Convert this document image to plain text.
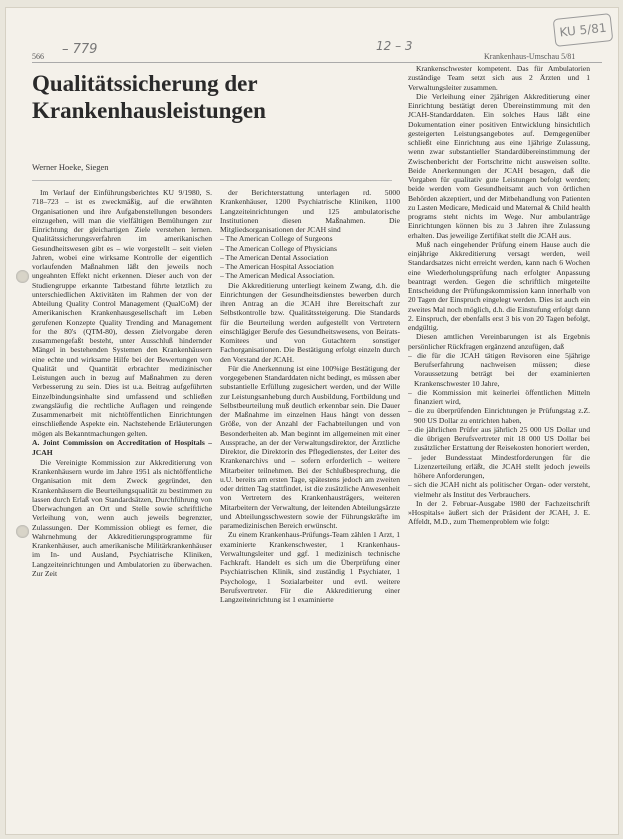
KU 5/81
– 779	12 – 3
566	Krankenhaus-Umschau 5/81
Qualitätssicherung der Krankenhausleistungen
Werner Hoeke, Siegen

Im Verlauf der Einführungsberichtes KU 9/1980, S. 718–723 – ist es zweckmäßig, auf die erwähnten Organisationen und ihre Aufgabenstellungen besonders einzugehen, will man die vielfältigen Bemühungen zur Einrichtung der gleichartigen Ziele verstehen lernen. Qualitätssicherungsverfahren im amerikanischen Gesundheitswesen gibt es – wie vorgestellt – seit vielen Jahren, wobei eine wirksame Kontrolle der eigentlich vorlaufenden Maßnahmen läßt den jeweils noch ungeahnten Effekt nicht erkennen. Dieser auch von der Studiengruppe erkannte Tatbestand führte letztlich zu unterschiedlichen Aktivitäten im Rahmen der von der Abteilung Quality Control Management (QualCoM) der Amerikanischen Krankenhausgesellschaft im Leben gerufenen Konzepte Quality Trending and Management for the 80's (QTM-80), dessen Zielvorgabe deren zusammengefaßt besteht, unter Ausschluß hindernder Mängel in bestehenden Systemen den Krankenhäusern eine echte und wirksame Hilfe bei der Bewertungen von Qualität und Quantität erbrachter medizinischer Leistungen auch in bezug auf Maßnahmen zu deren Verbesserung zu sein. Dies ist u.a. Beitrag aufgeführten Einzelbindungsinhalte sind umfassend und schließen zwangsläufig die rechtliche Auflagen und reingende Zusammenarbeit mit nichtöffentlichen Einrichtungen einschließende Aspekte ein. Nachstehende Erläuterungen mögen als Bekanntmachungen gelten.

A. Joint Commission on Accreditation of Hospitals – JCAH

Die Vereinigte Kommission zur Akkreditierung von Krankenhäusern wurde im Jahre 1951 als nichtöffentliche Organisation mit dem Zweck gegründet, den Krankenhäusern die Beurteilungsqualität zu bestimmen zu lassen durch Erlaß von Standardsätzen, Durchführung von Überwachungen an Ort und Stelle sowie schriftliche Verleihung von, wenn auch jeweils begrenzter, Zulassungen. Der Kommission obliegt es ferner, die Wahrnehmung der Akkreditierungsprogramme für Krankenhäuser, auch amerikanische Militärkrankenhäuser im In- und Ausland, Psychiatrische Kliniken, Langzeiteinrichtungen und Ambulatorien zu überwachen. Zur Zeit

der Berichterstattung unterlagen rd. 5000 Krankenhäuser, 1200 Psychiatrische Kliniken, 1100 Langzeiteinrichtungen und 125 ambulatorische Institutionen diesen Maßnahmen. Die Mitgliedsorganisationen der JCAH sind

– The American College of Surgeons

– The American College of Physicians

– The American Dental Association

– The American Hospital Association

– The American Medical Association.

Die Akkreditierung unterliegt keinem Zwang, d.h. die Einrichtungen der Gesundheitsdienstes bewerben durch ihren Antrag an die JCAH ihre Bereitschaft zur Selbstkontrolle bzw. Qualitätssteigerung. Die Standards für die Beurteilung werden aufgestellt von Vertretern einschlägiger Berufe des Gesundheitswesens, von Beirats-Komitees und von Gutachtern sonstiger Fachorganisationen. Die Bestätigung erfolgt einzeln durch den Vorstand der JCAH.

Für die Anerkennung ist eine 100%ige Bestätigung der vorgegebenen Standarddaten nicht bedingt, es müssen aber substantielle Erfüllung zugesichert werden, und der Wille zur Leistungsanhebung durch Ausbildung, Fortbildung und Selbstbeurteilung muß deutlich erkennbar sein. Die Dauer der Maßnahme im einzelnen Haus hängt von dessen Größe, von der Anzahl der Fachabteilungen und von Besonderheiten ab. Man beginnt im allgemeinen mit einer Aussprache, an der der Verwaltungsdirektor, der Ärztliche Direktor, die Direktorin des Pflegedienstes, der Leiter des Krankenarchivs und – sofern erforderlich – weitere Mitarbeiter teilnehmen. Bei der Schlußbesprechung, die u.U. bereits am ersten Tage, spätestens jedoch am zweiten oder dritten Tag stattfindet, ist die zusätzliche Anwesenheit von Vertretern des Krankenhausträgers, weiteren Mitarbeitern der Verwaltung, der leitenden Abteilungsärzte und Abteilungsschwestern sowie der Führungskräfte im paramedizinischen Bereich erwünscht.

Zu einem Krankenhaus-Prüfungs-Team zählen 1 Arzt, 1 examinierte Krankenschwester, 1 Krankenhaus-Verwaltungsleiter und ggf. 1 medizinisch technische Fachkraft. Handelt es sich um die Überprüfung einer Psychiatrischen Klinik, sind zuständig 1 Psychiater, 1 Psychologe, 1 Sozialarbeiter und evtl. weitere Berufsvertreter. Für die Akkreditierung einer Langzeiteinrichtung ist 1 examinierte

Krankenschwester kompetent. Das für Ambulatorien zuständige Team setzt sich aus 2 Ärzten und 1 Verwaltungsleiter zusammen.

Die Verleihung einer 2jährigen Akkreditierung einer Einrichtung bestätigt deren Übereinstimmung mit den JCAH-Standarddaten. Ein solches Haus läßt eine Dokumentation einer positiven Entwicklung hinsichtlich gesteigerten Leistungsangebotes auf. Demgegenüber schließt eine Einrichtung aus eine 1jährige Zulassung, wenn zwar substantieller Standardübereinstimmung der Zwischenbericht der Fortschritte nicht ausweisen sollte. Beide Anerkennungen der JCAH besagen, daß die Vorgaben für qualitativ gute Leistungen befolgt werden; beide werden vom Gesundheitsamt auch von örtlichen Behörden akzeptiert, und der Mitbehandlung von Patienten zu Lasten Medicare, Medicaid und Maternal & Child health programs steht nichts im Wege. Nur ambulanträge Einrichtungen können bis zu 3 Jahren ihre Zulassung erhalten. Das jeweilige Zertifikat stellt die JCAH aus.

Muß nach eingehender Prüfung einem Hause auch die einjährige Akkreditierung versagt werden, weil Standardsatzes nicht erreicht werden, kann nach 6 Wochen eine Wiederholungsprüfung nach erfolgter Anpassung beantragt werden. Gegen die schriftlich mitgeteilte Entscheidung der Prüfungskommission kann innerhalb von 20 Tagen der Einspruch eingelegt werden. Dies ist auch ein zweites Mal noch möglich, d.h. die Einstufung erfolgt dann 2. Einspruch, der ebenfalls erst 3 bis von 20 Tagen befolgt, endgültig.

Diesen amtlichen Vereinbarungen ist als Ergebnis persönlicher Rückfragen ergänzend anzufügen, daß

– die für die JCAH tätigen Revisoren eine 5jährige Berufserfahrung nachweisen müssen; diese Voraussetzung beträgt bei der examinierten Krankenschwester 10 Jahre,

– die Kommission mit keinerlei öffentlichen Mitteln finanziert wird,

– die zu überprüfenden Einrichtungen je Prüfungstag z.Z. 900 US Dollar zu entrichten haben,

– die jährlichen Prüfer aus jährlich 25 000 US Dollar und die übrigen Berufsvertreter mit 18 000 US Dollar bei zusätzlicher Erstattung der Reisekosten honoriert werden,

– jeder Bundesstaat Mindestforderungen für die Lizenzerteilung erläßt, die JCAH stellt jedoch jeweils höhere Anforderungen,

– sich die JCAH nicht als politischer Organ- oder versteht, vielmehr als Institut des Verbrauchers.

In der 2. Februar-Ausgabe 1980 der Fachzeitschrift »Hospitals« äußert sich der Präsident der JCAH, J. E. Affeldt, M.D., zum Themenproblem wie folgt:
